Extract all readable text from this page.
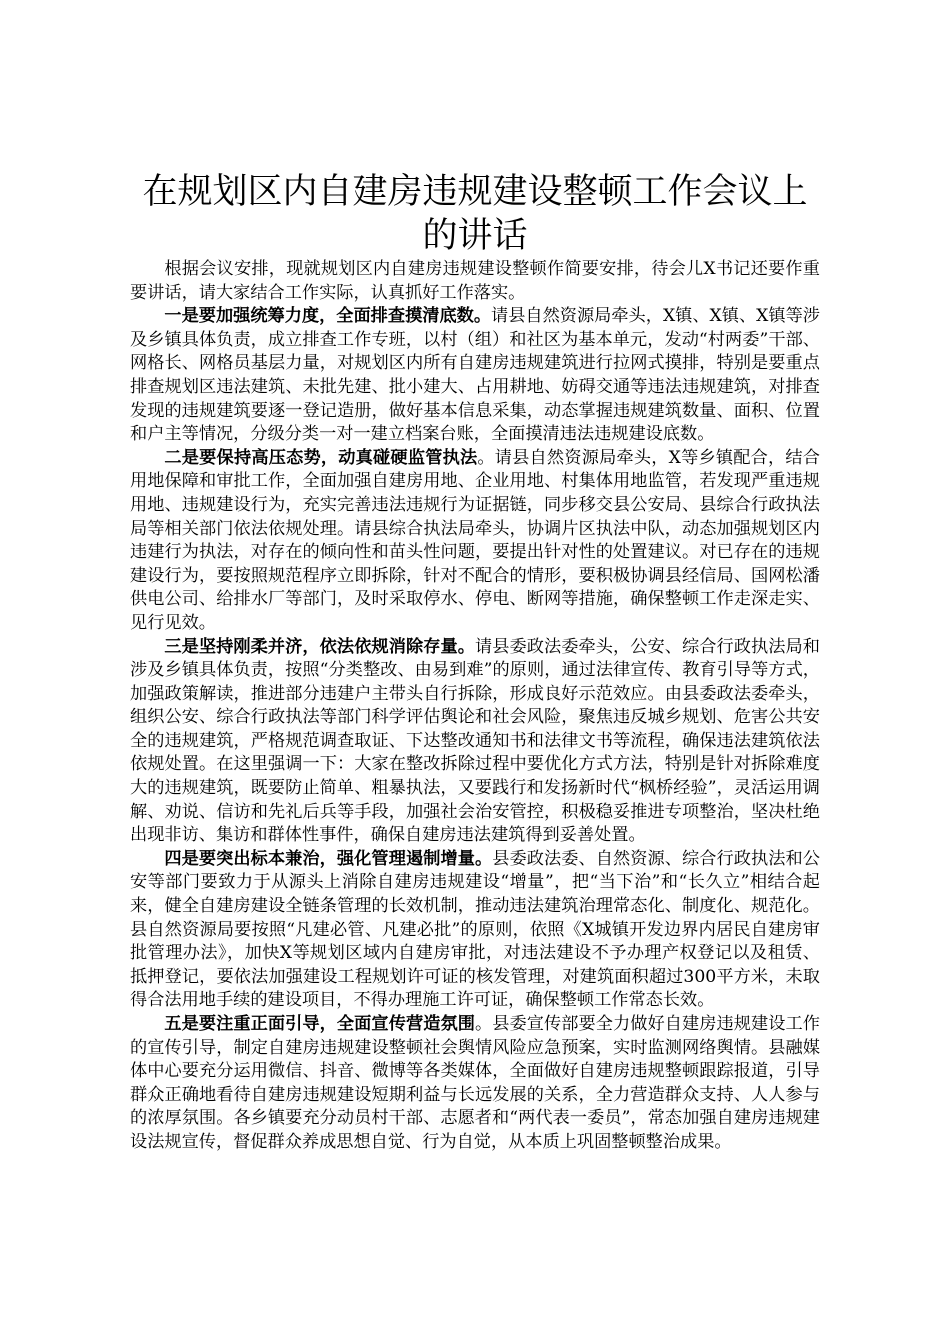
在规划区内自建房违规建设整顿工作会议上的讲话

根据会议安排，现就规划区内自建房违规建设整顿作简要安排，待会儿X书记还要作重要讲话，请大家结合工作实际，认真抓好工作落实。

一是要加强统筹力度，全面排查摸清底数。请县自然资源局牵头，X镇、X镇、X镇等涉及乡镇具体负责，成立排查工作专班，以村（组）和社区为基本单元，发动“村两委”干部、网格长、网格员基层力量，对规划区内所有自建房违规建筑进行拉网式摸排，特别是要重点排查规划区违法建筑、未批先建、批小建大、占用耕地、妨碍交通等违法违规建筑，对排查发现的违规建筑要逐一登记造册，做好基本信息采集，动态掌握违规建筑数量、面积、位置和户主等情况，分级分类一对一建立档案台账，全面摸清违法违规建设底数。

二是要保持高压态势，动真碰硬监管执法。请县自然资源局牵头，X等乡镇配合，结合用地保障和审批工作，全面加强自建房用地、企业用地、村集体用地监管，若发现严重违规用地、违规建设行为，充实完善违法违规行为证据链，同步移交县公安局、县综合行政执法局等相关部门依法依规处理。请县综合执法局牵头，协调片区执法中队，动态加强规划区内违建行为执法，对存在的倾向性和苗头性问题，要提出针对性的处置建议。对已存在的违规建设行为，要按照规范程序立即拆除，针对不配合的情形，要积极协调县经信局、国网松潘供电公司、给排水厂等部门，及时采取停水、停电、断网等措施，确保整顿工作走深走实、见行见效。

三是坚持刚柔并济，依法依规消除存量。请县委政法委牵头，公安、综合行政执法局和涉及乡镇具体负责，按照“分类整改、由易到难”的原则，通过法律宣传、教育引导等方式，加强政策解读，推进部分违建户主带头自行拆除，形成良好示范效应。由县委政法委牵头，组织公安、综合行政执法等部门科学评估舆论和社会风险，聚焦违反城乡规划、危害公共安全的违规建筑，严格规范调查取证、下达整改通知书和法律文书等流程，确保违法建筑依法依规处置。在这里强调一下：大家在整改拆除过程中要优化方式方法，特别是针对拆除难度大的违规建筑，既要防止简单、粗暴执法，又要践行和发扬新时代“枫桥经验”，灵活运用调解、劝说、信访和先礼后兵等手段，加强社会治安管控，积极稳妥推进专项整治，坚决杜绝出现非访、集访和群体性事件，确保自建房违法建筑得到妥善处置。

四是要突出标本兼治，强化管理遏制增量。县委政法委、自然资源、综合行政执法和公安等部门要致力于从源头上消除自建房违规建设“增量”，把“当下治”和“长久立”相结合起来，健全自建房建设全链条管理的长效机制，推动违法建筑治理常态化、制度化、规范化。县自然资源局要按照“凡建必管、凡建必批”的原则，依照《X城镇开发边界内居民自建房审批管理办法》，加快X等规划区域内自建房审批，对违法建设不予办理产权登记以及租赁、抵押登记，要依法加强建设工程规划许可证的核发管理，对建筑面积超过300平方米，未取得合法用地手续的建设项目，不得办理施工许可证，确保整顿工作常态长效。

五是要注重正面引导，全面宣传营造氛围。县委宣传部要全力做好自建房违规建设工作的宣传引导，制定自建房违规建设整顿社会舆情风险应急预案，实时监测网络舆情。县融媒体中心要充分运用微信、抖音、微博等各类媒体，全面做好自建房违规整顿跟踪报道，引导群众正确地看待自建房违规建设短期利益与长远发展的关系，全力营造群众支持、人人参与的浓厚氛围。各乡镇要充分动员村干部、志愿者和“两代表一委员”，常态加强自建房违规建设法规宣传，督促群众养成思想自觉、行为自觉，从本质上巩固整顿整治成果。
